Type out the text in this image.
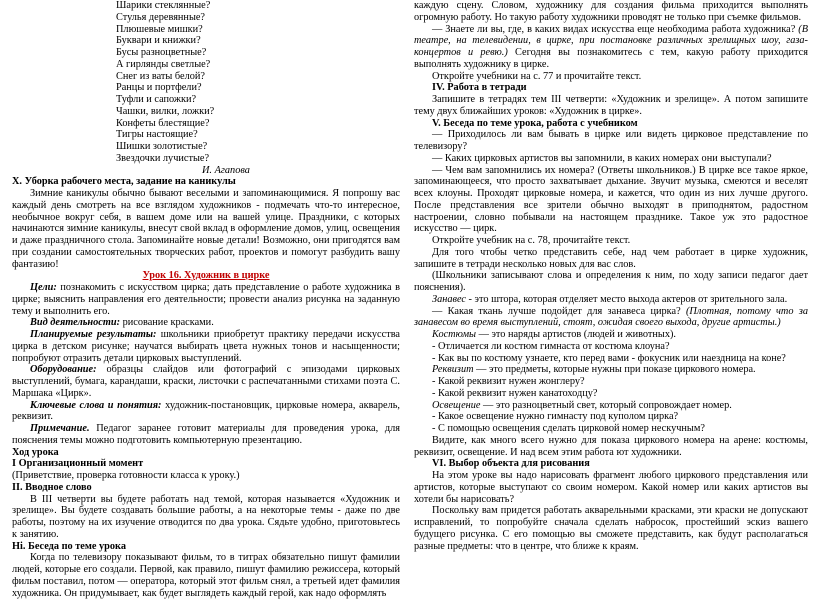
Шарики стеклянные?

Стулья деревянные?

Плюшевые мишки?

Буквари и книжки?

Бусы разноцветные?

А гирлянды светлые?

Снег из ваты белой?

Ранцы и портфели?

Туфли и сапожки?

Чашки, вилки, ложки?

Конфеты блестящие?

Тигры настоящие?

Шишки золотистые?

Звездочки лучистые?

И. Агапова

X. Уборка рабочего места, задание на каникулы

Зимние каникулы обычно бывают веселыми и запоминающимися. Я попрошу вас каждый день смотреть на все взглядом художников - подмечать что-то интересное, необычное вокруг себя, в вашем доме или на вашей улице. Праздники, с которых начинаются зимние каникулы, внесут свой вклад в оформление домов, улиц, освещения и даже праздничного стола. Запоминайте новые детали! Возможно, они пригодятся вам при создании самостоятельных творческих работ, проектов и помогут разбудить вашу фантазию!

Урок 16. Художник в цирке

Цели: познакомить с искусством цирка; дать представление о работе художника в цирке; выяснить направления его деятельности; провести анализ рисунка на заданную тему и выполнить его.

Вид деятельности: рисование красками.

Планируемые результаты: школьники приобретут практику передачи искусства цирка в детском рисунке; научатся выбирать цвета нужных тонов и насыщенности; попробуют отразить детали цирковых выступлений.

Оборудование: образцы слайдов или фотографий с эпизодами цирковых выступлений, бумага, карандаши, краски, листочки с распечатанными стихами поэта С. Маршака «Цирк».

Ключевые слова и понятия: художник-постановщик, цирковые номера, акварель, реквизит.

Примечание. Педагог заранее готовит материалы для проведения урока, для пояснения темы можно подготовить компьютерную презентацию.

Ход урока

I Организационный момент

(Приветствие, проверка готовности класса к уроку.)

II. Вводное слово

В III четверти вы будете работать над темой, которая называется «Художник и зрелище». Вы будете создавать большие работы, а на некоторые темы - даже по две работы, поэтому на их изучение отводится по два урока. Сядьте удобно, приготовьтесь к занятию.

Hi. Беседа по теме урока

Когда по телевизору показывают фильм, то в титрах обязательно пишут фамилии людей, которые его создали. Первой, как правило, пишут фамилию режиссера, который фильм поставил, потом — оператора, который этот фильм снял, а третьей идет фамилия художника. Он придумывает, как будет выглядеть каждый герой, как надо оформлять

каждую сцену. Словом, художнику для создания фильма приходится выполнять огромную работу. Но такую работу художники проводят не только при съемке фильмов.

— Знаете ли вы, где, в каких видах искусства еще необходима работа художника? (В театре, на телевидении, в цирке, при постановке различных зрелищных шоу, газа-концертов и ревю.) Сегодня вы познакомитесь с тем, какую работу приходится выполнять художнику в цирке.

Откройте учебники на с. 77 и прочитайте текст.

IV. Работа в тетради

Запишите в тетрадях тем III четверти: «Художник и зрелище». А потом запишите тему двух ближайших уроков: «Художник в цирке».

V. Беседа по теме урока, работа с учебником

— Приходилось ли вам бывать в цирке или видеть цирковое представление по телевизору?

— Каких цирковых артистов вы запомнили, в каких номерах они выступали?

— Чем вам запомнились их номера? (Ответы школьников.) В цирке все такое яркое, запоминающееся, что просто захватывает дыхание. Звучит музыка, смеются и веселят всех клоуны. Проходят цирковые номера, и кажется, что один из них лучше другого. После представления все зрители обычно выходят в приподнятом, радостном настроении, словно побывали на настоящем празднике. Такое уж это радостное искусство — цирк.

Откройте учебник на с. 78, прочитайте текст.

Для того чтобы четко представить себе, над чем работает в цирке художник, запишите в тетради несколько новых для вас слов.

(Школьники записывают слова и определения к ним, по ходу записи педагог дает пояснения).

Занавес - это штора, которая отделяет место выхода актеров от зрительного зала.

— Какая ткань лучше подойдет для занавеса цирка? (Плотная, потому что за занавесом во время выступлений, стоят, ожидая своего выхода, другие артисты.)

Костюмы — это наряды артистов (людей и животных).

- Отличается ли костюм гимнаста от костюма клоуна?

- Как вы по костюму узнаете, кто перед вами - фокусник или наездница на коне?

Реквизит — это предметы, которые нужны при показе циркового номера.

- Какой реквизит нужен жонглеру?

- Какой реквизит нужен канатоходцу?

Освещение — это разноцветный свет, который сопровождает номер.

- Какое освещение нужно гимнасту под куполом цирка?

- С помощью освещения сделать цирковой номер нескучным?

Видите, как много всего нужно для показа циркового номера на арене: костюмы, реквизит, освещение. И над всем этим работа ют художники.

VI. Выбор объекта для рисования

На этом уроке вы надо нарисовать фрагмент любого циркового представления или артистов, которые выступают со своим номером. Какой номер или каких артистов вы хотели бы нарисовать?

Поскольку вам придется работать акварельными красками, эти краски не допускают исправлений, то попробуйте сначала сделать набросок, простейший эскиз вашего будущего рисунка. С его помощью вы сможете представить, как будут располагаться разные предметы: что в центре, что ближе к краям.
